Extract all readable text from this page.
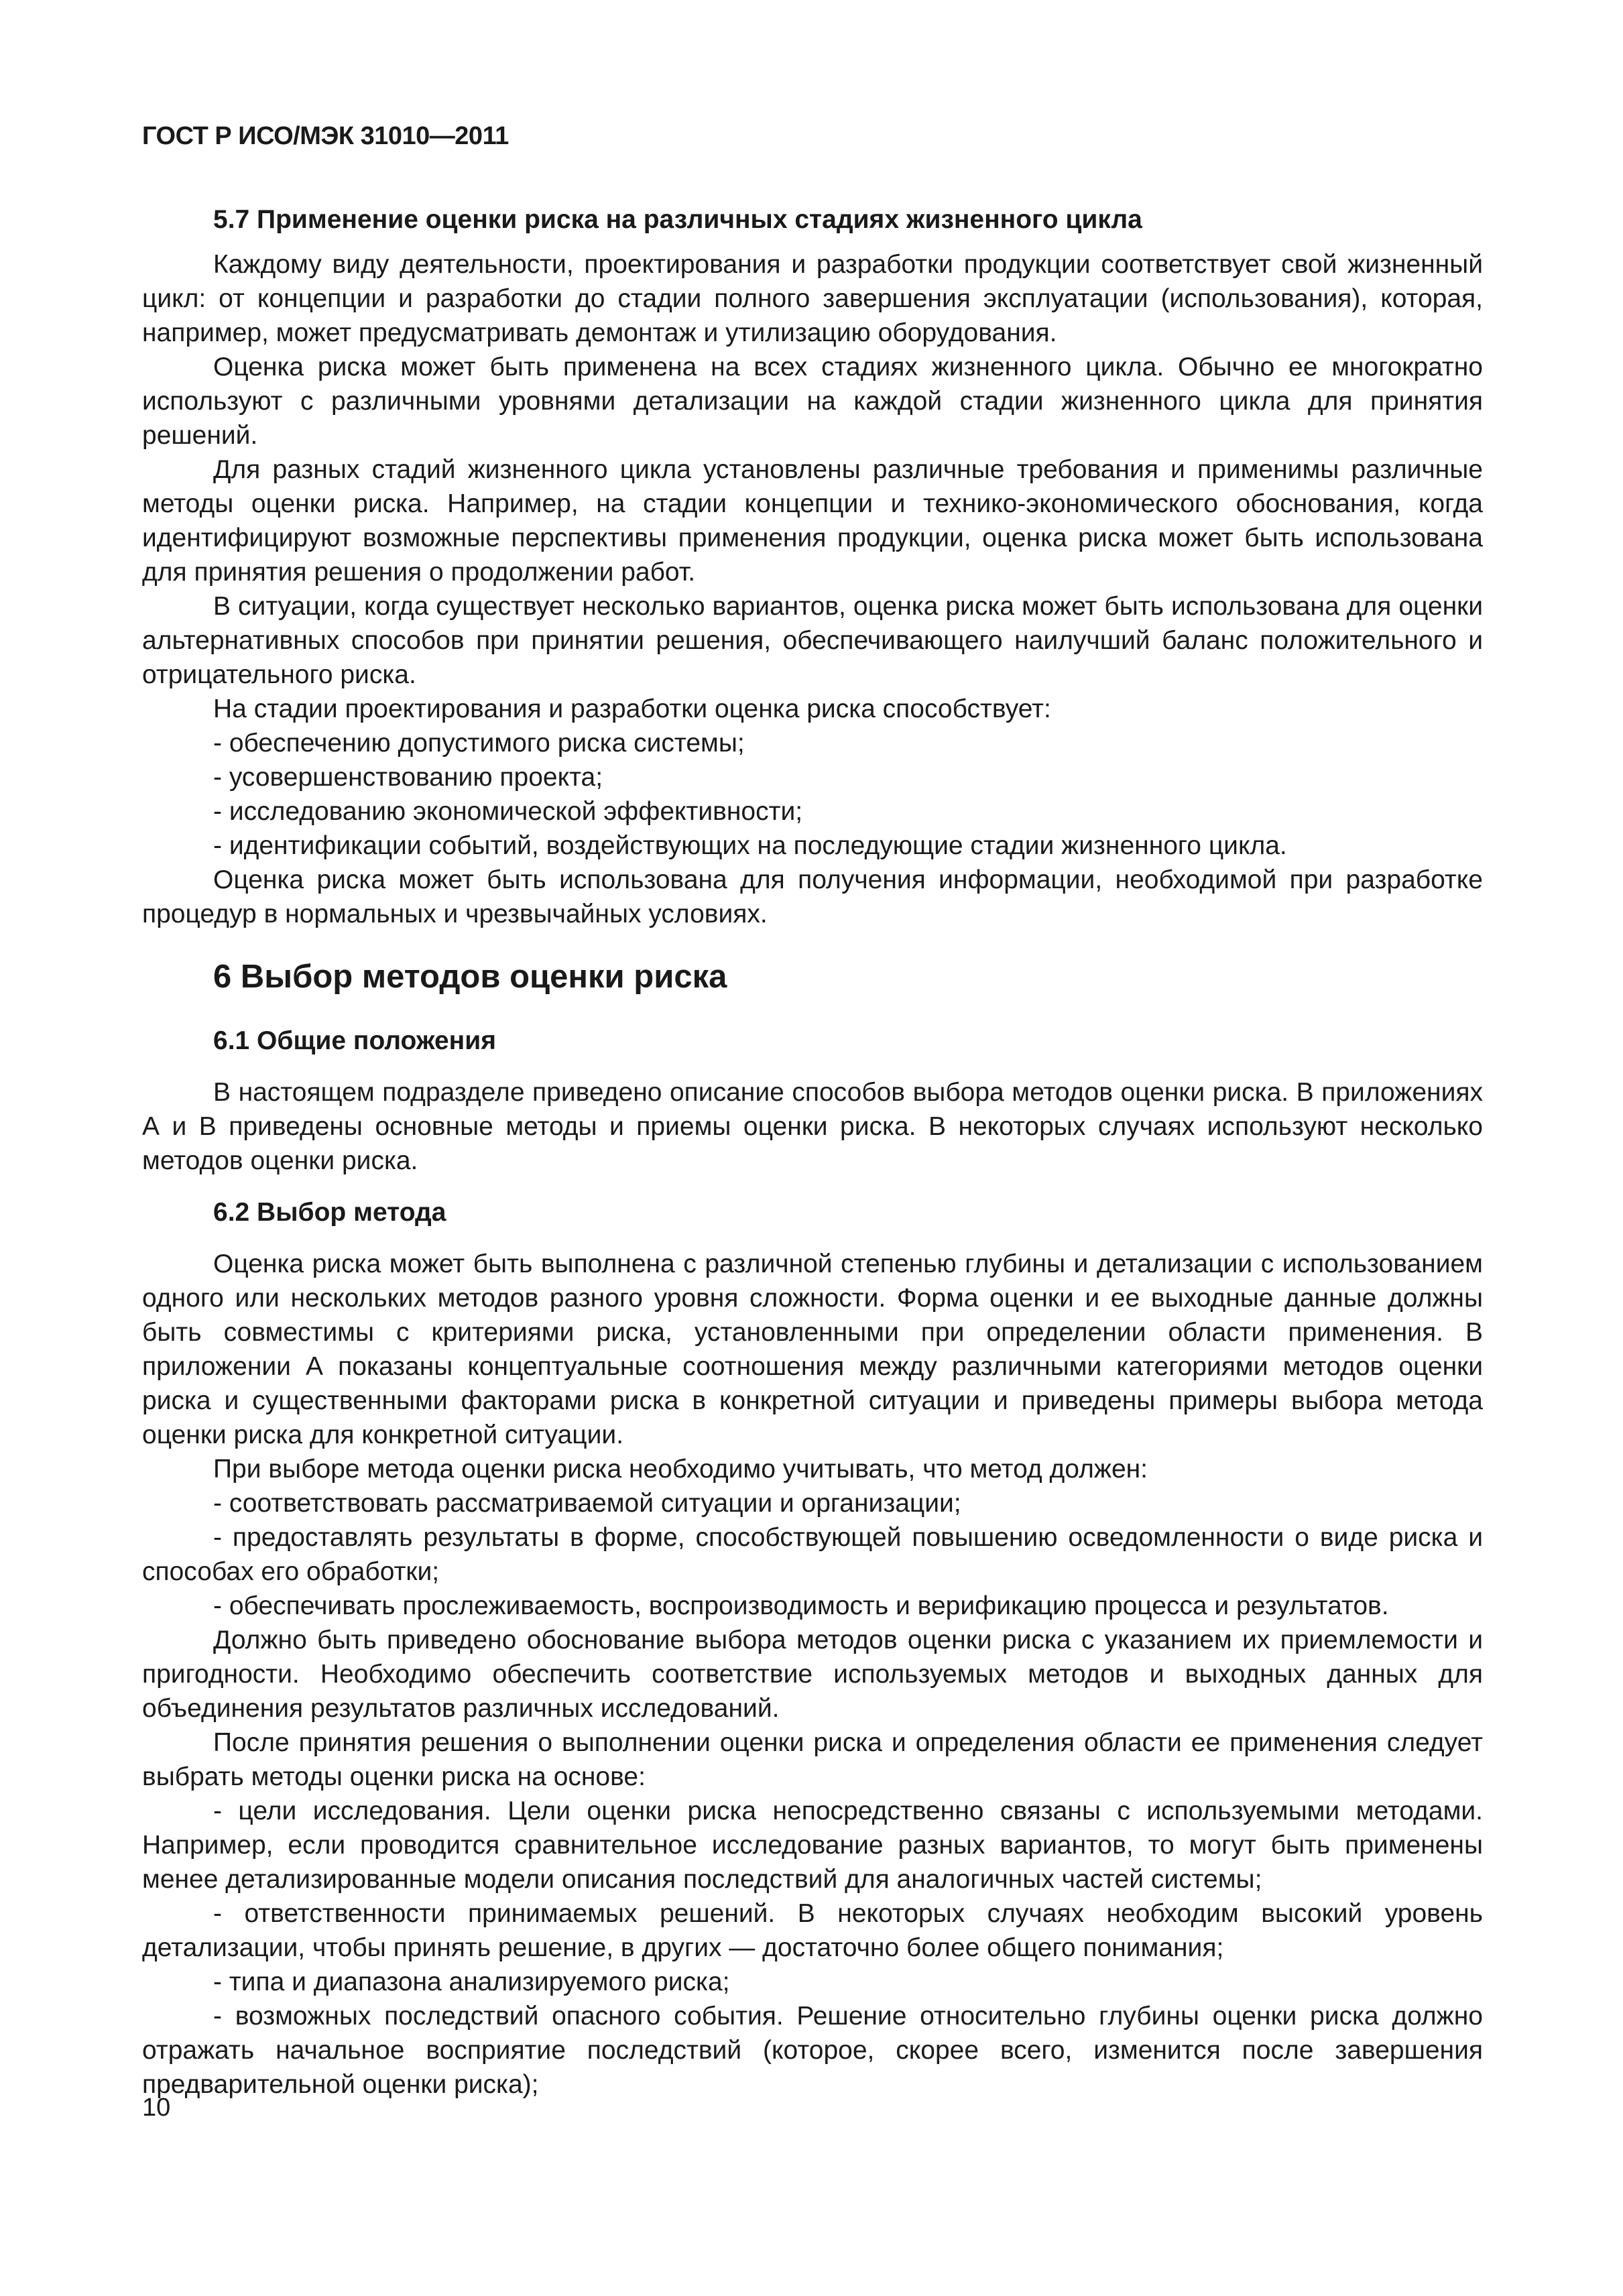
ГОСТ Р ИСО/МЭК 31010—2011
5.7 Применение оценки риска на различных стадиях жизненного цикла

Каждому виду деятельности, проектирования и разработки продукции соответствует свой жизненный цикл: от концепции и разработки до стадии полного завершения эксплуатации (использования), которая, например, может предусматривать демонтаж и утилизацию оборудования.

Оценка риска может быть применена на всех стадиях жизненного цикла. Обычно ее многократно используют с различными уровнями детализации на каждой стадии жизненного цикла для принятия решений.

Для разных стадий жизненного цикла установлены различные требования и применимы различные методы оценки риска. Например, на стадии концепции и технико-экономического обоснования, когда идентифицируют возможные перспективы применения продукции, оценка риска может быть использована для принятия решения о продолжении работ.

В ситуации, когда существует несколько вариантов, оценка риска может быть использована для оценки альтернативных способов при принятии решения, обеспечивающего наилучший баланс положительного и отрицательного риска.

На стадии проектирования и разработки оценка риска способствует:

- обеспечению допустимого риска системы;

- усовершенствованию проекта;

- исследованию экономической эффективности;

- идентификации событий, воздействующих на последующие стадии жизненного цикла.

Оценка риска может быть использована для получения информации, необходимой при разработке процедур в нормальных и чрезвычайных условиях.

6 Выбор методов оценки риска
6.1 Общие положения

В настоящем подразделе приведено описание способов выбора методов оценки риска. В приложениях А и В приведены основные методы и приемы оценки риска. В некоторых случаях используют несколько методов оценки риска.

6.2 Выбор метода

Оценка риска может быть выполнена с различной степенью глубины и детализации с использованием одного или нескольких методов разного уровня сложности. Форма оценки и ее выходные данные должны быть совместимы с критериями риска, установленными при определении области применения. В приложении А показаны концептуальные соотношения между различными категориями методов оценки риска и существенными факторами риска в конкретной ситуации и приведены примеры выбора метода оценки риска для конкретной ситуации.

При выборе метода оценки риска необходимо учитывать, что метод должен:

- соответствовать рассматриваемой ситуации и организации;

- предоставлять результаты в форме, способствующей повышению осведомленности о виде риска и способах его обработки;

- обеспечивать прослеживаемость, воспроизводимость и верификацию процесса и результатов.

Должно быть приведено обоснование выбора методов оценки риска с указанием их приемлемости и пригодности. Необходимо обеспечить соответствие используемых методов и выходных данных для объединения результатов различных исследований.

После принятия решения о выполнении оценки риска и определения области ее применения следует выбрать методы оценки риска на основе:

- цели исследования. Цели оценки риска непосредственно связаны с используемыми методами. Например, если проводится сравнительное исследование разных вариантов, то могут быть применены менее детализированные модели описания последствий для аналогичных частей системы;

- ответственности принимаемых решений. В некоторых случаях необходим высокий уровень детализации, чтобы принять решение, в других — достаточно более общего понимания;

- типа и диапазона анализируемого риска;

- возможных последствий опасного события. Решение относительно глубины оценки риска должно отражать начальное восприятие последствий (которое, скорее всего, изменится после завершения предварительной оценки риска);

10
